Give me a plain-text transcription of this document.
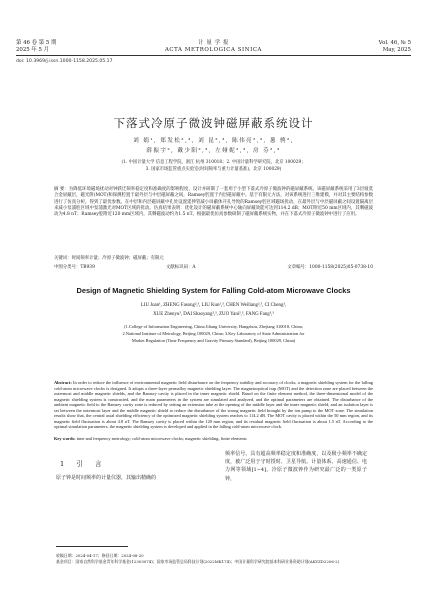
第 46 卷 第 5 期	计 量 学 报	Vol. 46, № 5
2025 年 5 月	ACTA METROLOGICA SINICA	May, 2025
doi: 10.3969/j.issn.1000-1158.2025.05.17
下落式冷原子微波钟磁屏蔽系统设计
刘 娟¹, 郑发松²,³, 刘 昆²,³, 陈伟亮²,³, 葱 骋²,
薛振宇², 戴少阳²,³, 左娅妮²,³, 房 芬²,³
(1. 中国计量大学 信息工程学院，浙江 杭州 310018；2. 中国计量科学研究院，北京 100029；
3. 国家市场监管重点实验室(时间频率与重力计量基准)，北京 100029)
摘 要：为降低环境磁场扰动对钟跃迁频率稳定度和准确度的影响程度，设计并研制了一套用于小型下落式冷原子微波钟的磁屏蔽系统。该磁屏蔽系统采用了3层坡莫合金屏蔽层，磁光阱(MOT)和探测腔置于最外层与中层磁屏蔽之间，Ramsey腔置于内层磁屏蔽中。基于有限元方法，对该系统进行三维建模，并对其主要结构参数进行了仿真分析，得到了最优参数。在中层和内层磁屏蔽中孔处设置延伸管减小屏蔽体开孔导致的Ramsey腔区域磁场扰动，在最外层与中层磁屏蔽之间设置隔离层来减小泵浦腔区域中泵浦激光对MOT区域的扰动。仿真结果表明：优化设计的磁屏蔽系统中心轴向屏蔽效能可达到114.2 dB；MOT附近50 mm区域内，其剩磁波动为4.8 nT；Ramsey腔附近120 mm区域内，其剩磁波动约为1.5 nT。根据最优仿真参数研制了磁屏蔽系统实物，并在下落式冷原子微波钟中进行了应用。
关键词：时间频率计量；冷原子微波钟；磁屏蔽；有限元
中图分类号：TB939	文献标识码：A	文章编号：1000-1158(2025)05-0738-10
Design of Magnetic Shielding System for Falling Cold-atom Microwave Clocks
LIU Juan¹, ZHENG Fasong²,³, LIU Kun²,³, CHEN Weiliang²,³, CI Cheng²,
XUE Zhenyu², DAI Shaoyang²,³, ZUO Yani²,³, FANG Fang²,³
(1.College of Information Engineering, China Jiliang University, Hangzhou, Zhejiang 310018, China;
2.National Institute of Metrology, Beijing 100029, China; 3.Key Laboratory of State Administration for
Market Regulation (Time Frequency and Gravity Primary Standard), Beijing 100029, China)
Abstract: In order to reduce the influence of environmental magnetic field disturbance on the frequency stability and accuracy of clocks, a magnetic shielding system for the falling cold-atom microwave clocks is designed. It adopts a three-layer permalloy magnetic shielding layer. The magnetooptical trap (MOT) and the detection zone are placed between the outermost and middle magnetic shields, and the Ramsey cavity is placed in the inner magnetic shield. Based on the finite element method, the three-dimensional model of the magnetic shielding system is constructed, and the main parameters in the system are simulated and analyzed, and the optimal parameters are obtained. The disturbance of the ambient magnetic field to the Ramsey cavity zone is reduced by setting an extension tube at the opening of the middle layer and the inner magnetic shield, and an isolation layer is set between the outermost layer and the middle magnetic shield to reduce the disturbance of the strong magnetic field brought by the ion pump to the MOT zone. The simulation results show that, the central axial shielding efficiency of the optimized magnetic shielding system reaches to 114.2 dB. The MOT cavity is placed within the 50 mm region, and its magnetic field fluctuation is about 4.8 nT. The Ramsey cavity is placed within the 120 mm region, and its residual magnetic field fluctuation is about 1.5 nT. According to the optimal simulation parameters, the magnetic shielding system is developed and applied in the falling cold-atom microwave clock.
Key words: time and frequency metrology; cold-atom microwave clocks; magnetic shielding; finite elements
1 引 言
原子钟是时间频率的计量仪器，其输出精确的
频率信号，具有超高频率稳定度和准确度，以及极小频率不确定度，被广泛用于守时授时、卫星导航、计量体系、高速通信、电力网等领域[1−4]。冷原子微波钟作为研究最广泛的一类原子钟，
收稿日期：2024-04-17；修回日期：2024-08-20
基金项目：国家自然科学基金青年科学基金(12303074)；国家市场监管总局科技计划(2022MK174)；中国计量科学研究院基本科研业务资助计划(AKYZD2206-2)
